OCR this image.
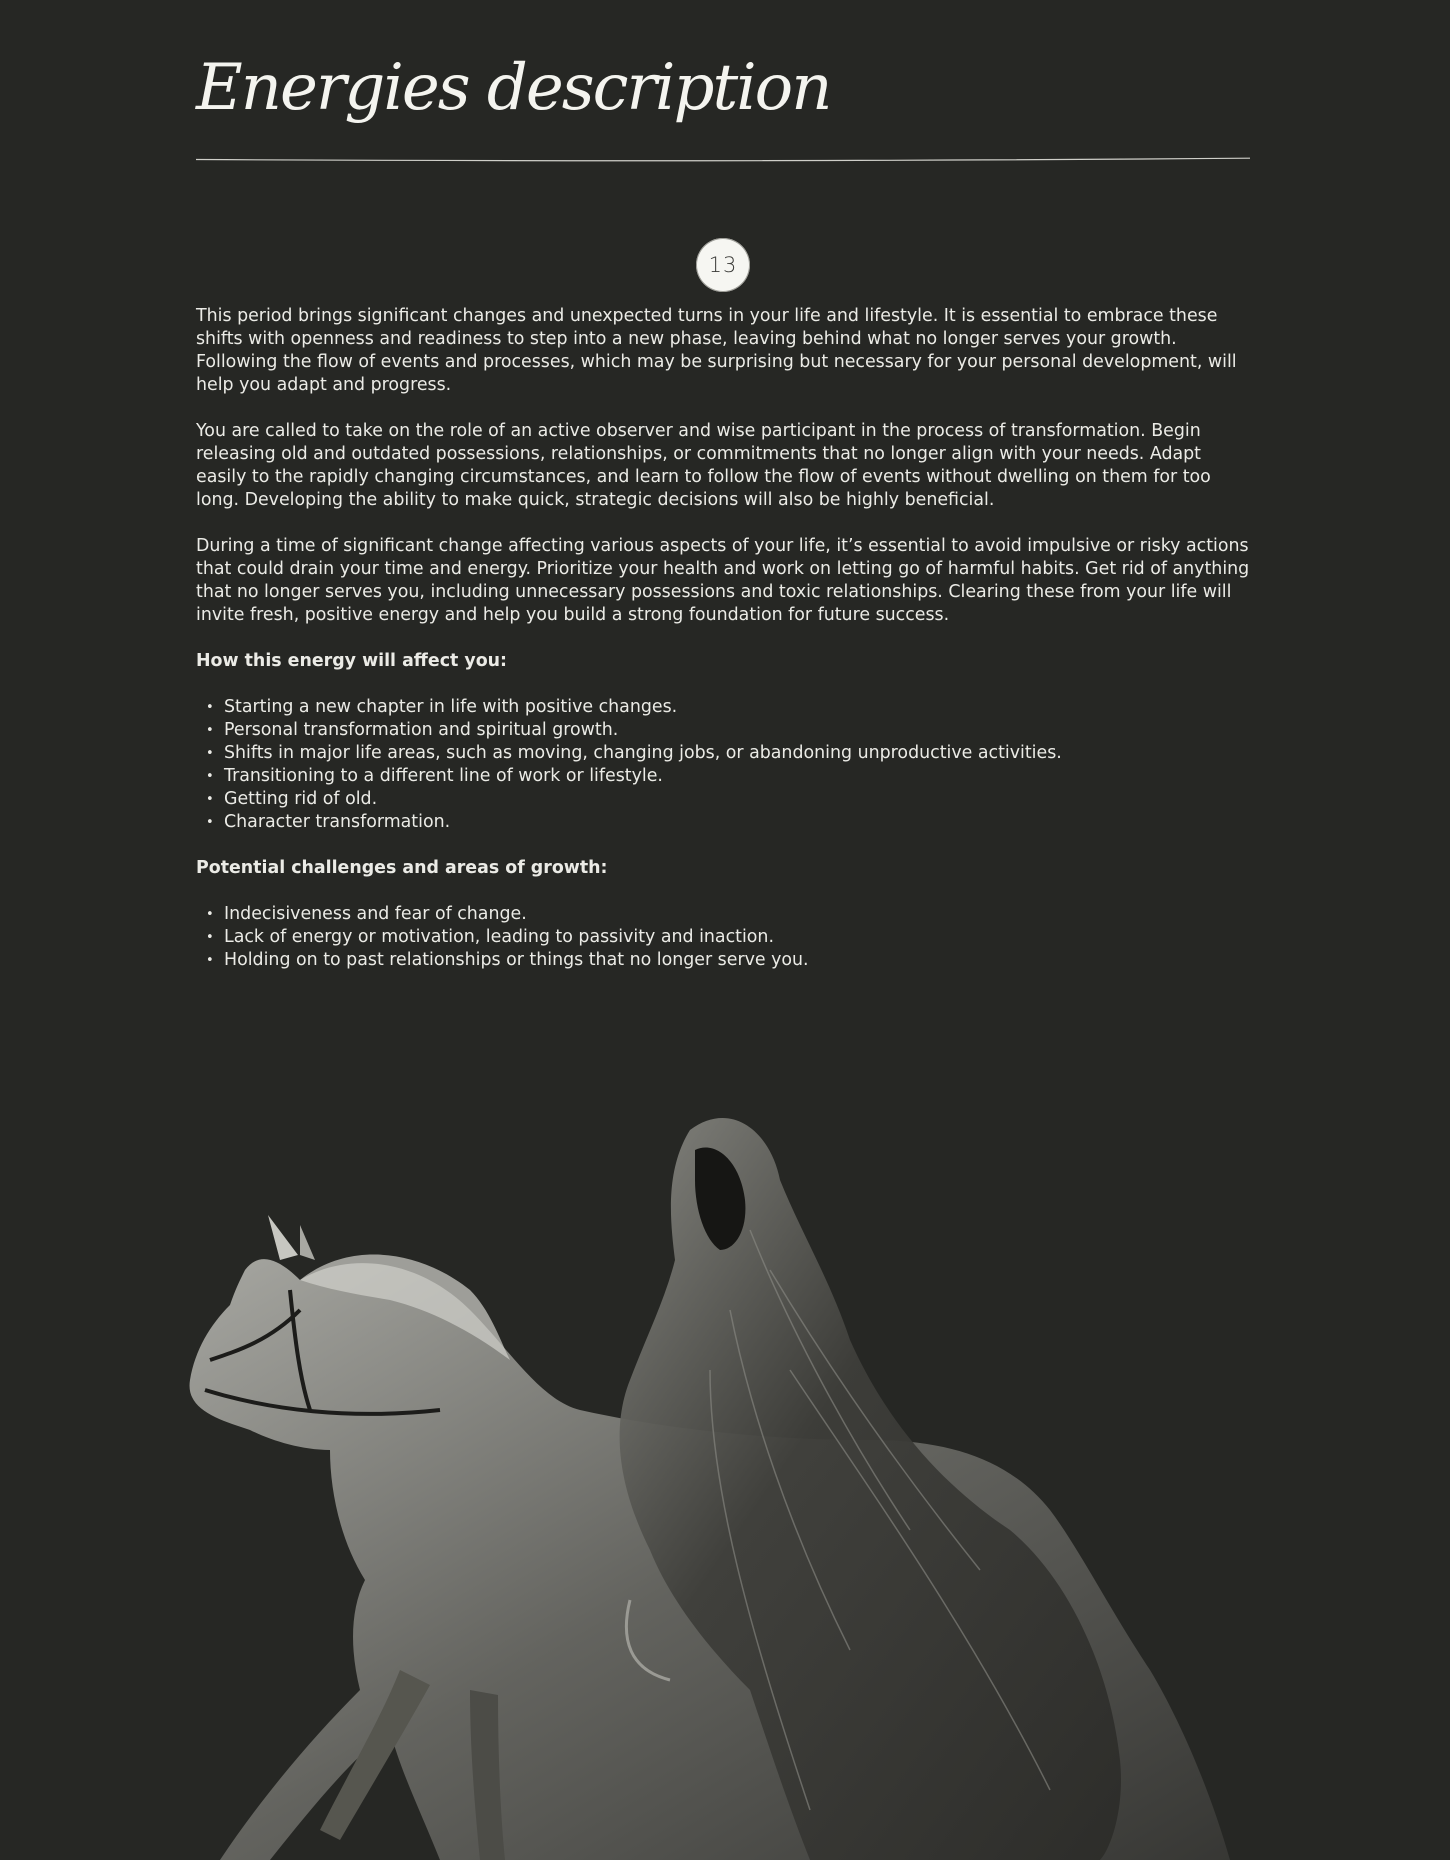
Energies description
13

This period brings significant changes and unexpected turns in your life and lifestyle. It is essential to embrace these shifts with openness and readiness to step into a new phase, leaving behind what no longer serves your growth. Following the flow of events and processes, which may be surprising but necessary for your personal development, will help you adapt and progress.

You are called to take on the role of an active observer and wise participant in the process of transformation. Begin releasing old and outdated possessions, relationships, or commitments that no longer align with your needs. Adapt easily to the rapidly changing circumstances, and learn to follow the flow of events without dwelling on them for too long. Developing the ability to make quick, strategic decisions will also be highly beneficial.

During a time of significant change affecting various aspects of your life, it’s essential to avoid impulsive or risky actions that could drain your time and energy. Prioritize your health and work on letting go of harmful habits. Get rid of anything that no longer serves you, including unnecessary possessions and toxic relationships. Clearing these from your life will invite fresh, positive energy and help you build a strong foundation for future success.

How this energy will affect you:
• Starting a new chapter in life with positive changes.
• Personal transformation and spiritual growth.
• Shifts in major life areas, such as moving, changing jobs, or abandoning unproductive activities.
• Transitioning to a different line of work or lifestyle.
• Getting rid of old.
• Character transformation.
Potential challenges and areas of growth:
• Indecisiveness and fear of change.
• Lack of energy or motivation, leading to passivity and inaction.
• Holding on to past relationships or things that no longer serve you.
